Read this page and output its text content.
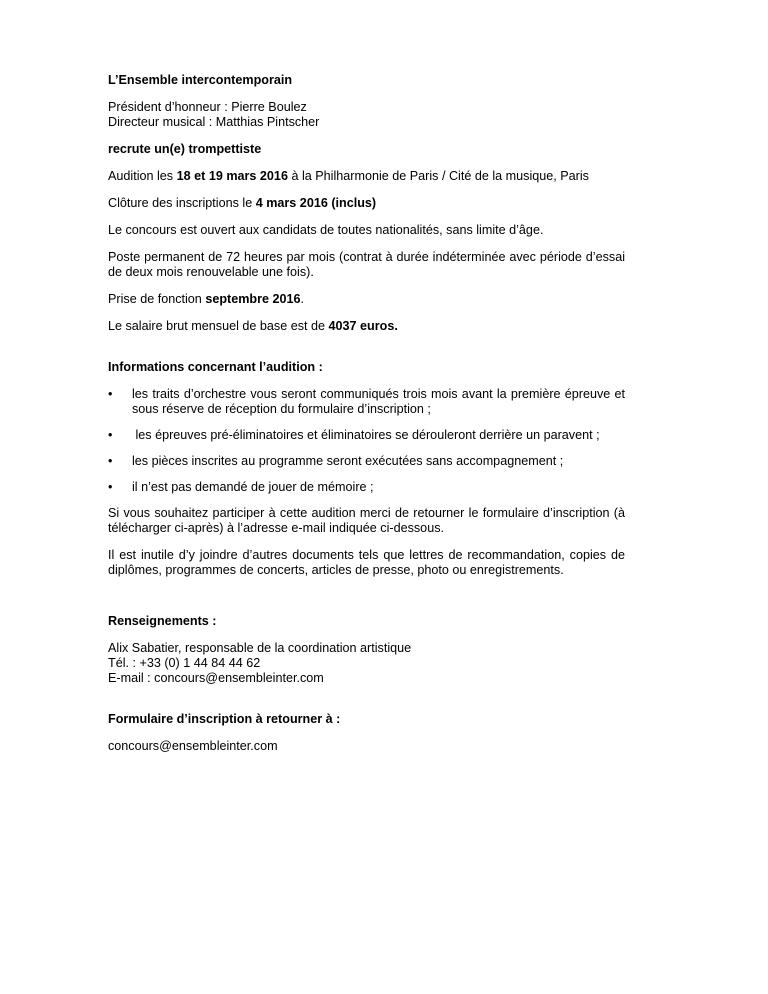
L’Ensemble intercontemporain

Président d’honneur : Pierre Boulez

Directeur musical : Matthias Pintscher

recrute un(e) trompettiste

Audition les 18 et 19 mars 2016 à la Philharmonie de Paris / Cité de la musique, Paris

Clôture des inscriptions le 4 mars 2016 (inclus)

Le concours est ouvert aux candidats de toutes nationalités, sans limite d’âge.

Poste permanent de 72 heures par mois (contrat à durée indéterminée avec période d’essai de deux mois renouvelable une fois).

Prise de fonction septembre 2016.

Le salaire brut mensuel de base est de 4037 euros.

Informations concernant l’audition :

• les traits d’orchestre vous seront communiqués trois mois avant la première épreuve et sous réserve de réception du formulaire d’inscription ;
• les épreuves pré-éliminatoires et éliminatoires se dérouleront derrière un paravent ;
• les pièces inscrites au programme seront exécutées sans accompagnement ;
• il n’est pas demandé de jouer de mémoire ;

Si vous souhaitez participer à cette audition merci de retourner le formulaire d’inscription (à télécharger ci-après) à l’adresse e-mail indiquée ci-dessous.

Il est inutile d’y joindre d’autres documents tels que lettres de recommandation, copies de diplômes, programmes de concerts, articles de presse, photo ou enregistrements.

Renseignements :

Alix Sabatier, responsable de la coordination artistique

Tél. : +33 (0) 1 44 84 44 62

E-mail : concours@ensembleinter.com

Formulaire d’inscription à retourner à :

concours@ensembleinter.com
